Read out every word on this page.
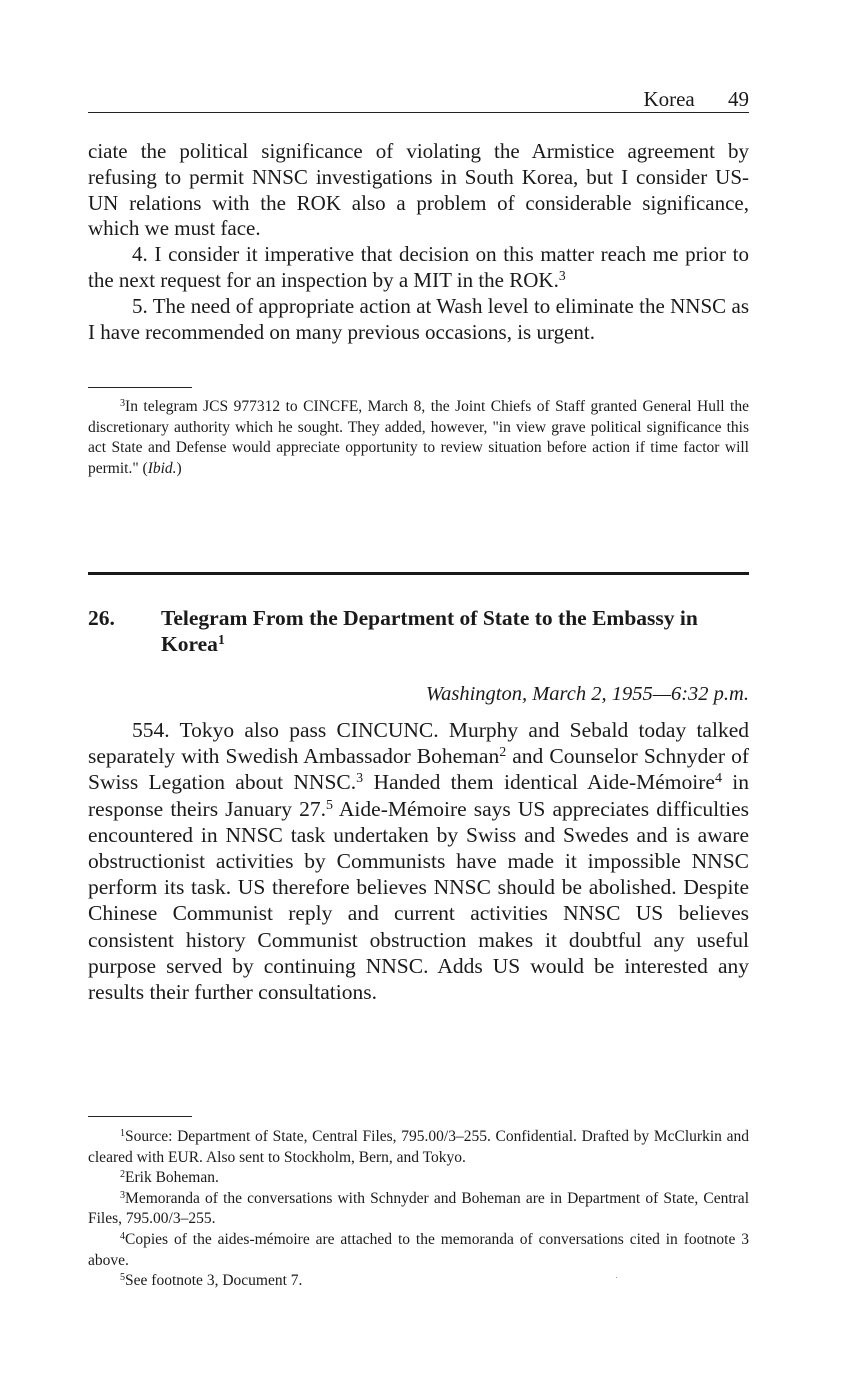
Korea 49

ciate the political significance of violating the Armistice agreement by refusing to permit NNSC investigations in South Korea, but I consider US-UN relations with the ROK also a problem of considerable significance, which we must face.

4. I consider it imperative that decision on this matter reach me prior to the next request for an inspection by a MIT in the ROK.$^3$

5. The need of appropriate action at Wash level to eliminate the NNSC as I have recommended on many previous occasions, is urgent.

$^3$In telegram JCS 977312 to CINCFE, March 8, the Joint Chiefs of Staff granted General Hull the discretionary authority which he sought. They added, however, "in view grave political significance this act State and Defense would appreciate opportunity to review situation before action if time factor will permit." (Ibid.)

26. Telegram From the Department of State to the Embassy in Korea$^1$
Washington, March 2, 1955—6:32 p.m.

554. Tokyo also pass CINCUNC. Murphy and Sebald today talked separately with Swedish Ambassador Boheman$^2$ and Counselor Schnyder of Swiss Legation about NNSC.$^3$ Handed them identical Aide-Mémoire$^4$ in response theirs January 27.$^5$ Aide-Mémoire says US appreciates difficulties encountered in NNSC task undertaken by Swiss and Swedes and is aware obstructionist activities by Communists have made it impossible NNSC perform its task. US therefore believes NNSC should be abolished. Despite Chinese Communist reply and current activities NNSC US believes consistent history Communist obstruction makes it doubtful any useful purpose served by continuing NNSC. Adds US would be interested any results their further consultations.

$^1$Source: Department of State, Central Files, 795.00/3–255. Confidential. Drafted by McClurkin and cleared with EUR. Also sent to Stockholm, Bern, and Tokyo.

$^2$Erik Boheman.

$^3$Memoranda of the conversations with Schnyder and Boheman are in Department of State, Central Files, 795.00/3–255.

$^4$Copies of the aides-mémoire are attached to the memoranda of conversations cited in footnote 3 above.

$^5$See footnote 3, Document 7.
